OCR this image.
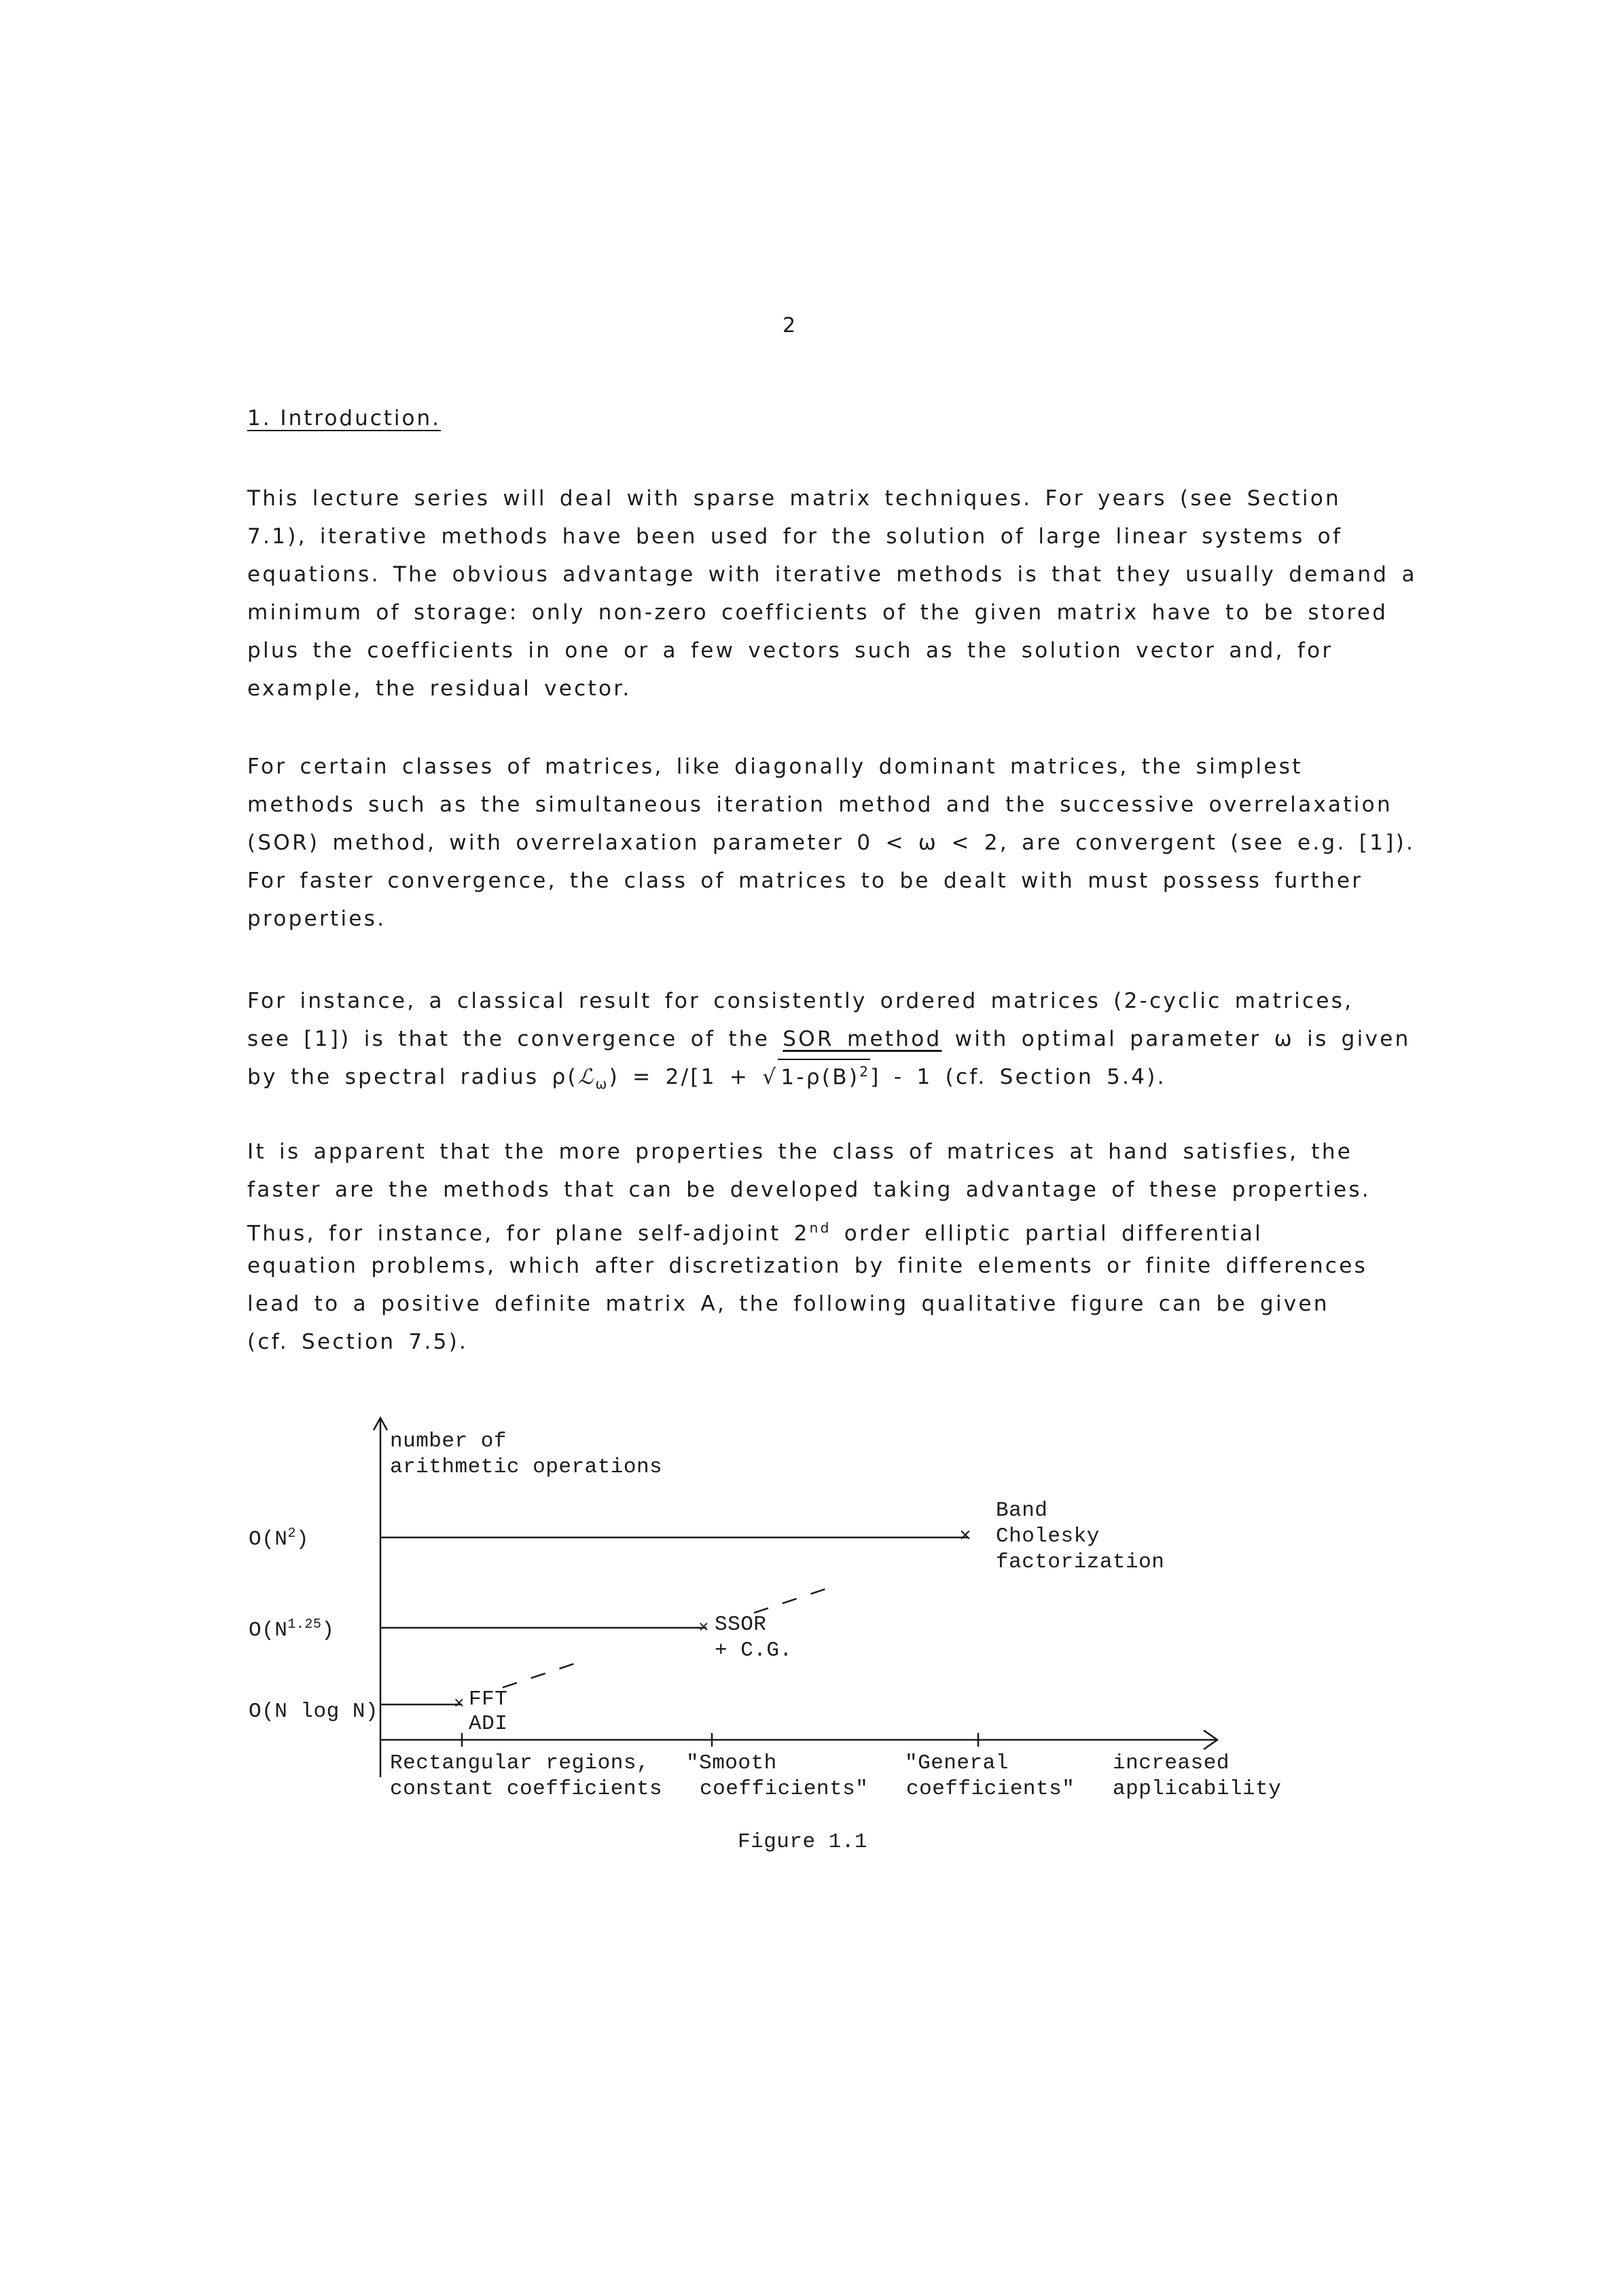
2
1. Introduction.
This lecture series will deal with sparse matrix techniques. For years (see Section
7.1), iterative methods have been used for the solution of large linear systems of
equations. The obvious advantage with iterative methods is that they usually demand a
minimum of storage: only non-zero coefficients of the given matrix have to be stored
plus the coefficients in one or a few vectors such as the solution vector and, for
example, the residual vector.
For certain classes of matrices, like diagonally dominant matrices, the simplest
methods such as the simultaneous iteration method and the successive overrelaxation
(SOR) method, with overrelaxation parameter 0 < ω < 2, are convergent (see e.g. [1]).
For faster convergence, the class of matrices to be dealt with must possess further
properties.
For instance, a classical result for consistently ordered matrices (2-cyclic matrices,
see [1]) is that the convergence of the SOR method with optimal parameter ω is given
by the spectral radius ρ(ℒ$_\omega$) = 2/[1 + √ $1-\rho(B)^2] - 1$ (cf. Section 5.4).
It is apparent that the more properties the class of matrices at hand satisfies, the
faster are the methods that can be developed taking advantage of these properties.
Thus, for instance, for plane self-adjoint 2nd order elliptic partial differential
equation problems, which after discretization by finite elements or finite differences
lead to a positive definite matrix A, the following qualitative figure can be given
(cf. Section 7.5).
number of
arithmetic operations
$O(N^2)$
$O(N^{1.25})$
O(N log N)
×
Band
Cholesky
factorization
× SSOR
+ C.G.
× FFT
ADI
Rectangular regions,
constant coefficients
"Smooth
coefficients"
"General
coefficients"
increased
applicability
Figure 1.1
